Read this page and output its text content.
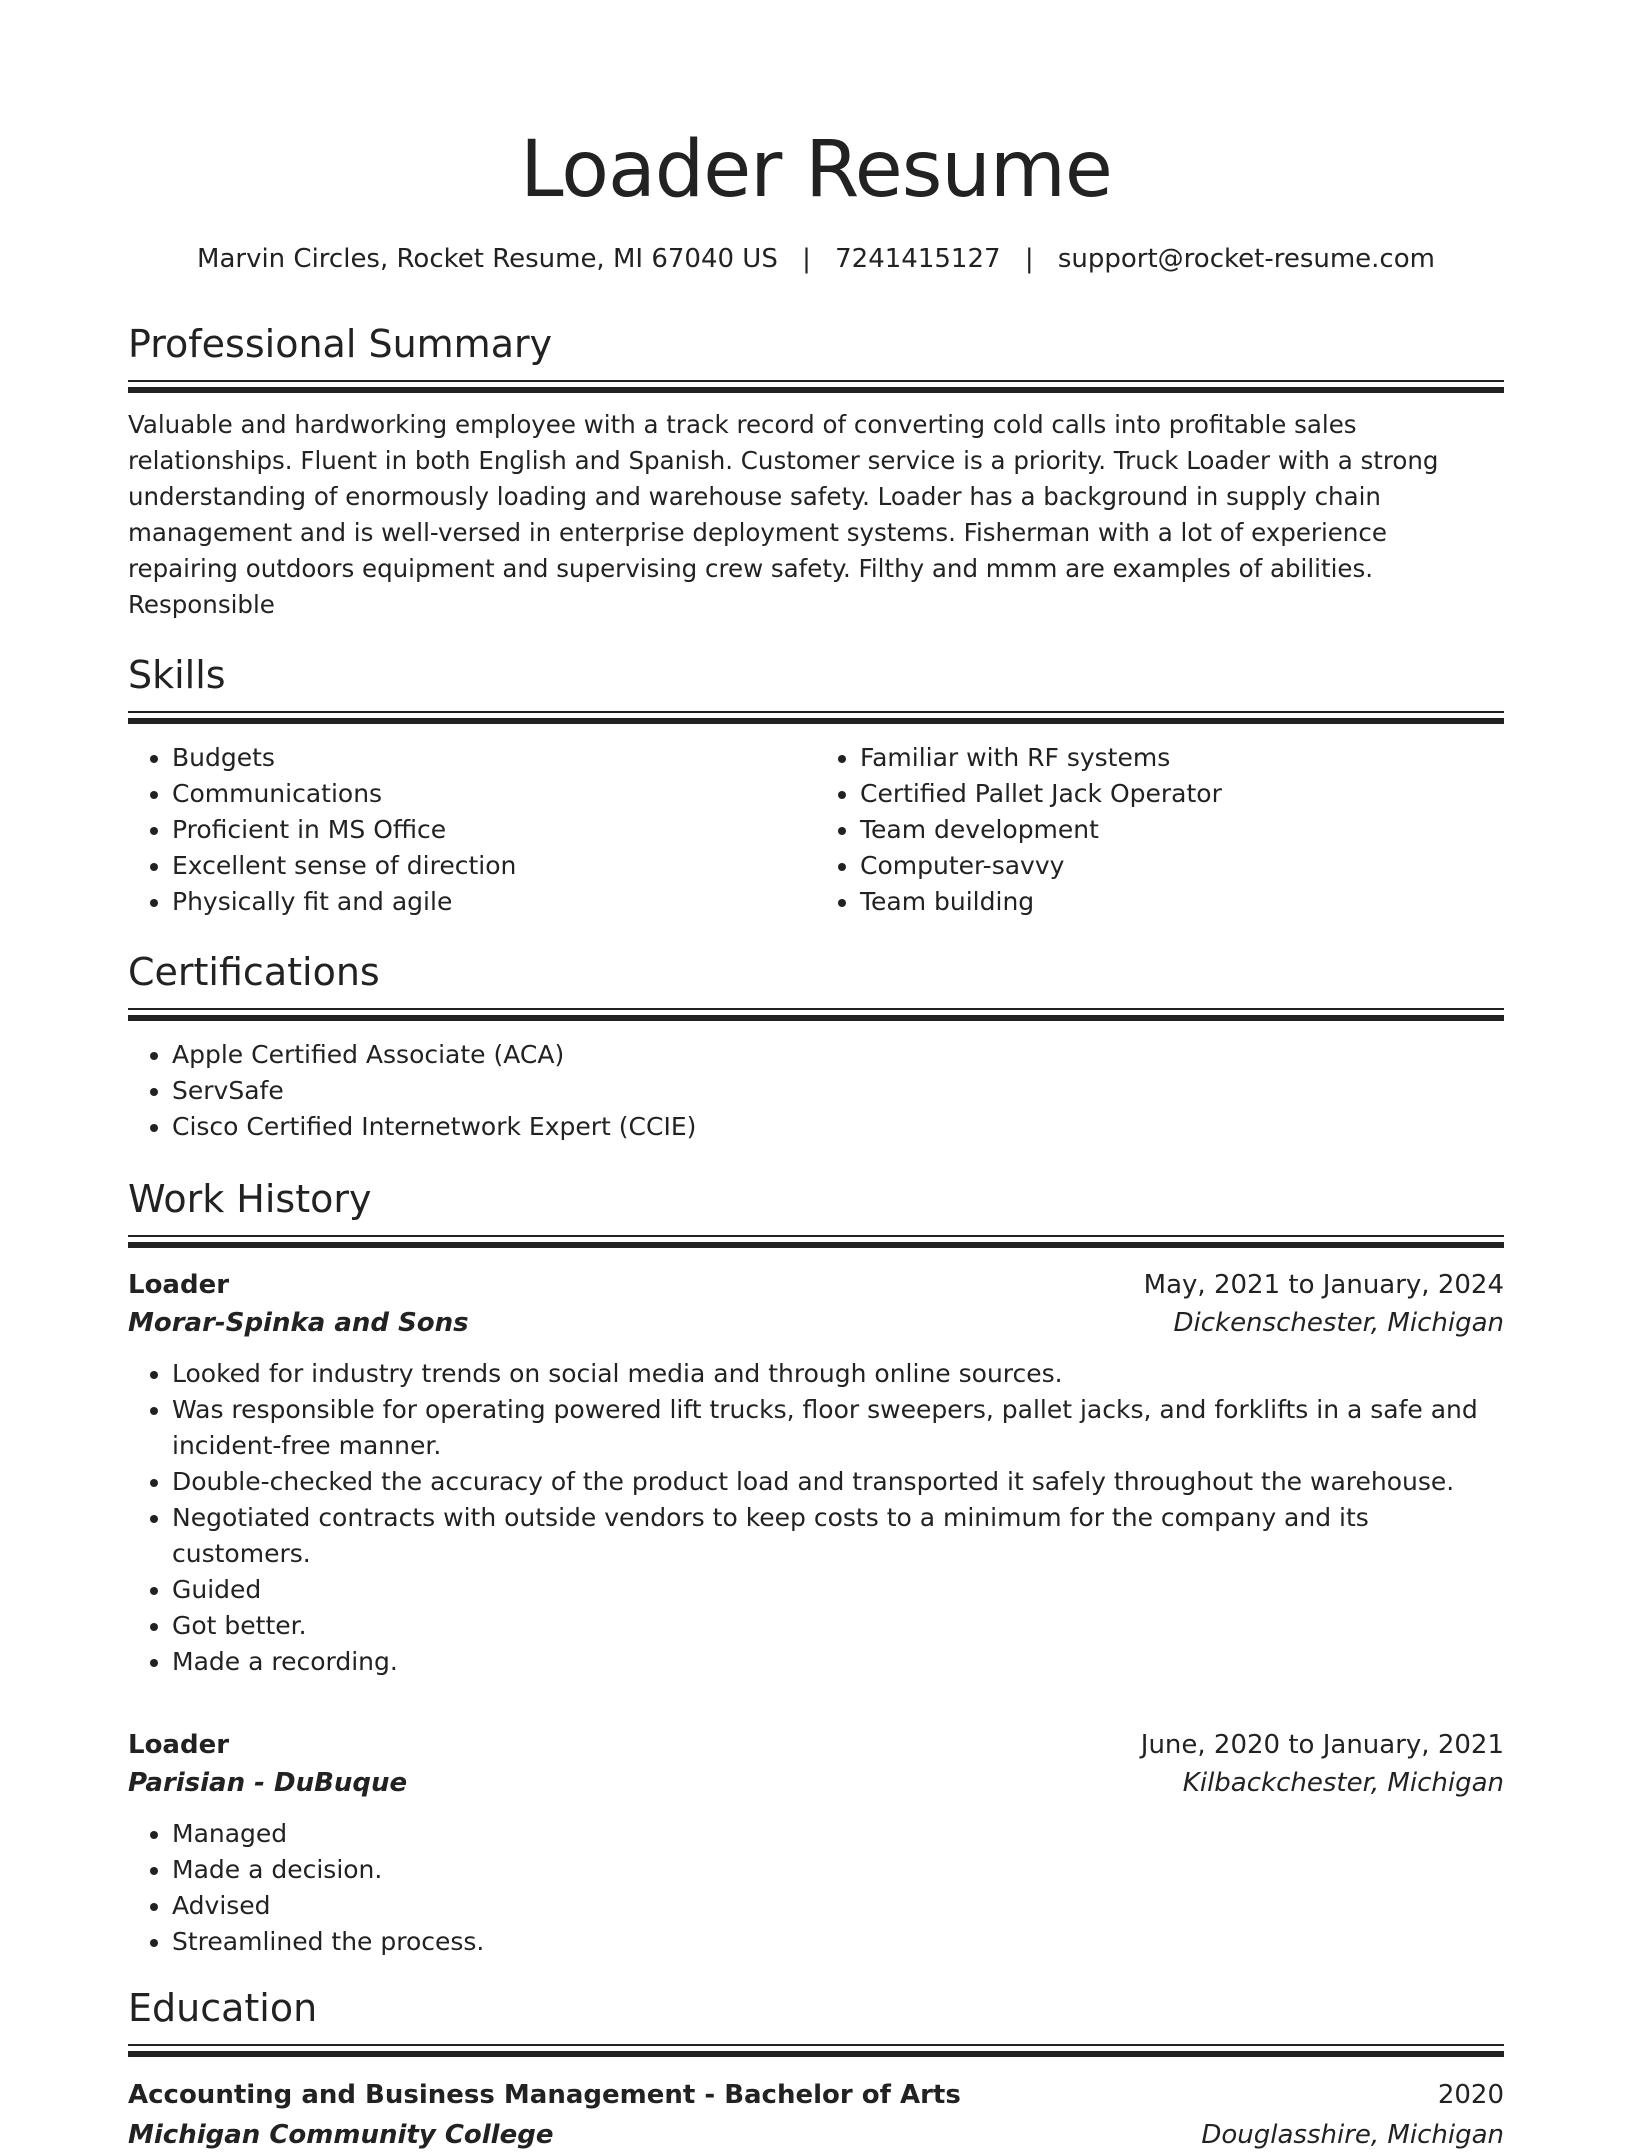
Loader Resume
Marvin Circles, Rocket Resume, MI 67040 US | 7241415127 | support@rocket-resume.com
Professional Summary

Valuable and hardworking employee with a track record of converting cold calls into profitable sales relationships. Fluent in both English and Spanish. Customer service is a priority. Truck Loader with a strong understanding of enormously loading and warehouse safety. Loader has a background in supply chain management and is well-versed in enterprise deployment systems. Fisherman with a lot of experience repairing outdoors equipment and supervising crew safety. Filthy and mmm are examples of abilities. Responsible

Skills
• Budgets
• Communications
• Proficient in MS Office
• Excellent sense of direction
• Physically fit and agile
• Familiar with RF systems
• Certified Pallet Jack Operator
• Team development
• Computer-savvy
• Team building
Certifications
• Apple Certified Associate (ACA)
• ServSafe
• Cisco Certified Internetwork Expert (CCIE)
Work History
Loader	May, 2021 to January, 2024
Morar-Spinka and Sons	Dickenschester, Michigan
• Looked for industry trends on social media and through online sources.
• Was responsible for operating powered lift trucks, floor sweepers, pallet jacks, and forklifts in a safe and incident-free manner.
• Double-checked the accuracy of the product load and transported it safely throughout the warehouse.
• Negotiated contracts with outside vendors to keep costs to a minimum for the company and its customers.
• Guided
• Got better.
• Made a recording.
Loader	June, 2020 to January, 2021
Parisian - DuBuque	Kilbackchester, Michigan
• Managed
• Made a decision.
• Advised
• Streamlined the process.
Education
Accounting and Business Management - Bachelor of Arts	2020
Michigan Community College	Douglasshire, Michigan
